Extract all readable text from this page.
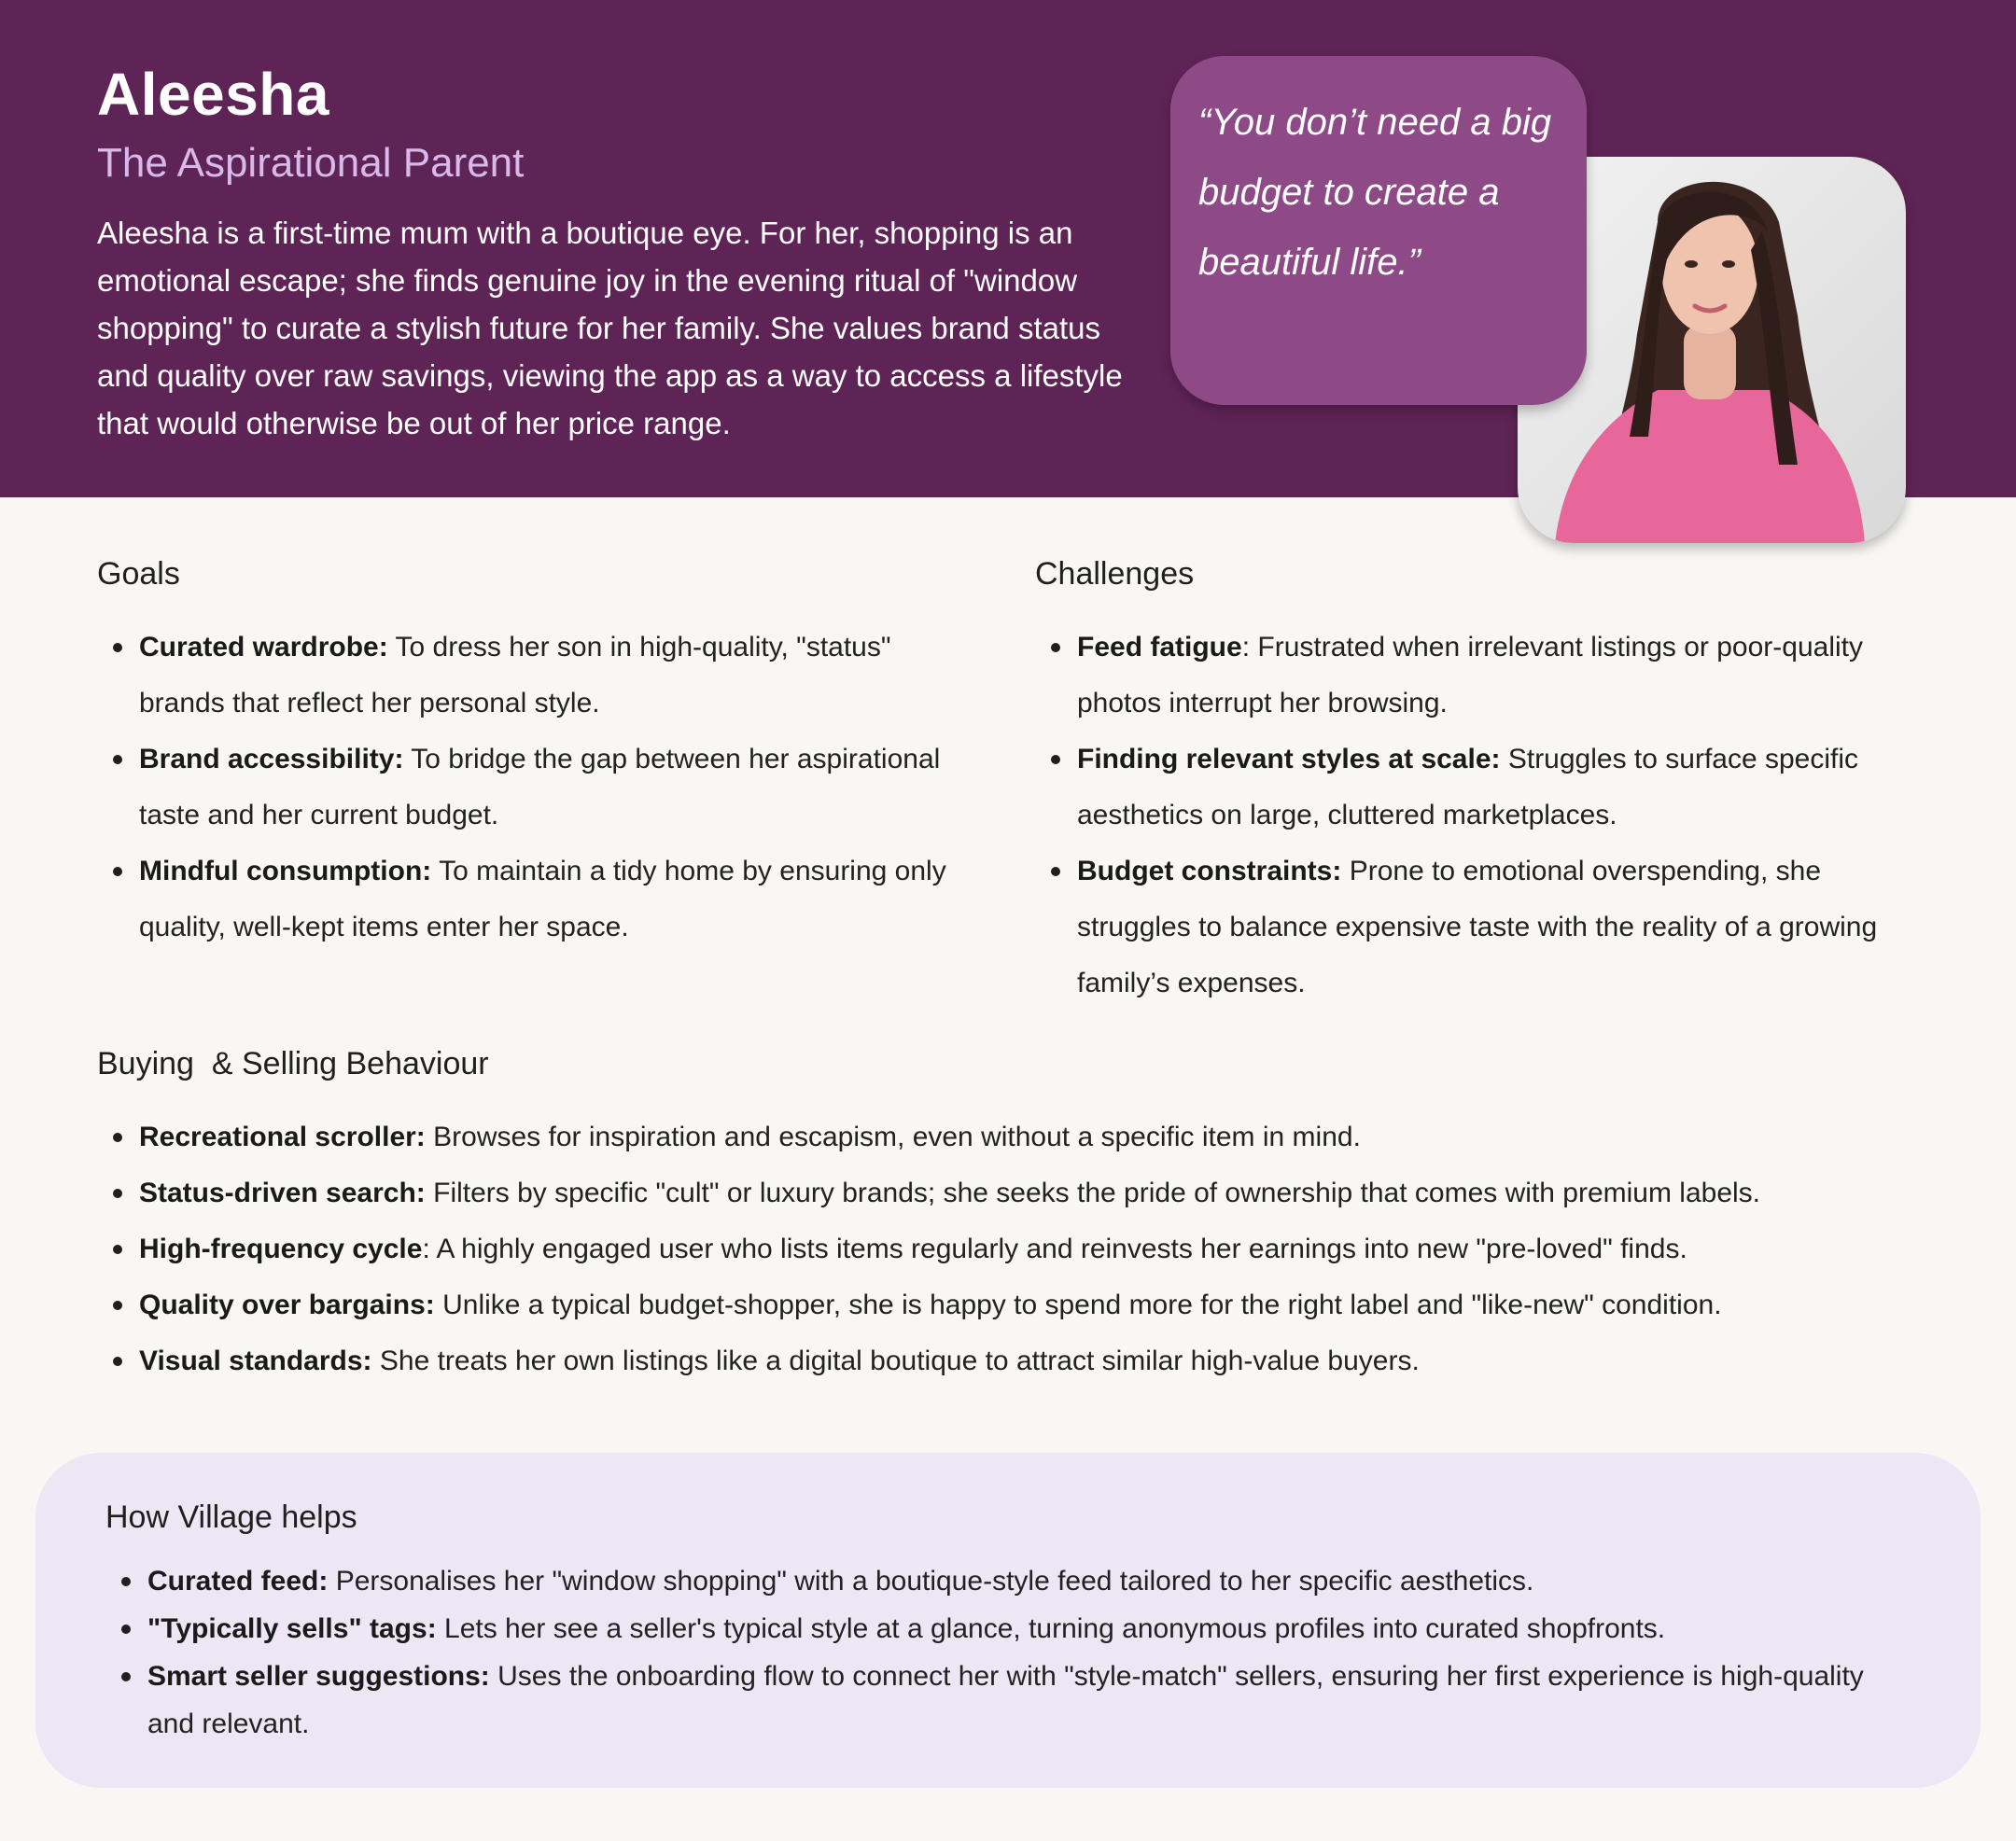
Aleesha
The Aspirational Parent

Aleesha is a first-time mum with a boutique eye. For her, shopping is an emotional escape; she finds genuine joy in the evening ritual of "window shopping" to curate a stylish future for her family. She values brand status and quality over raw savings, viewing the app as a way to access a lifestyle that would otherwise be out of her price range.

“You don’t need a big budget to create a beautiful life.”

Goals
Curated wardrobe: To dress her son in high-quality, "status" brands that reflect her personal style.
Brand accessibility: To bridge the gap between her aspirational taste and her current budget.
Mindful consumption: To maintain a tidy home by ensuring only quality, well-kept items enter her space.
Challenges
Feed fatigue: Frustrated when irrelevant listings or poor-quality photos interrupt her browsing.
Finding relevant styles at scale: Struggles to surface specific aesthetics on large, cluttered marketplaces.
Budget constraints: Prone to emotional overspending, she struggles to balance expensive taste with the reality of a growing family’s expenses.
Buying  & Selling Behaviour
Recreational scroller: Browses for inspiration and escapism, even without a specific item in mind.
Status-driven search: Filters by specific "cult" or luxury brands; she seeks the pride of ownership that comes with premium labels.
High-frequency cycle: A highly engaged user who lists items regularly and reinvests her earnings into new "pre-loved" finds.
Quality over bargains: Unlike a typical budget-shopper, she is happy to spend more for the right label and "like-new" condition.
Visual standards: She treats her own listings like a digital boutique to attract similar high-value buyers.
How Village helps
Curated feed: Personalises her "window shopping" with a boutique-style feed tailored to her specific aesthetics.
"Typically sells" tags: Lets her see a seller's typical style at a glance, turning anonymous profiles into curated shopfronts.
Smart seller suggestions: Uses the onboarding flow to connect her with "style-match" sellers, ensuring her first experience is high-quality and relevant.
